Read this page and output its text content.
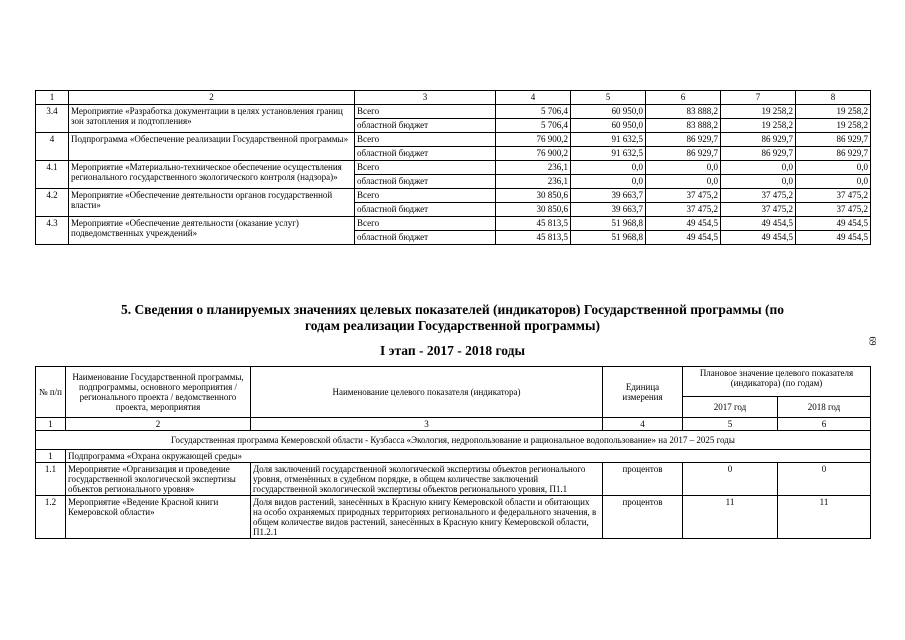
1	2	3	4	5	6	7	8
3.4	Мероприятие «Разработка документации в целях установления границ зон затопления и подтопления»	Всего	5 706,4	60 950,0	83 888,2	19 258,2	19 258,2
		областной бюджет	5 706,4	60 950,0	83 888,2	19 258,2	19 258,2
4	Подпрограмма «Обеспечение реализации Государственной программы»	Всего	76 900,2	91 632,5	86 929,7	86 929,7	86 929,7
		областной бюджет	76 900,2	91 632,5	86 929,7	86 929,7	86 929,7
4.1	Мероприятие «Материально-техническое обеспечение осуществления регионального государственного экологического контроля (надзора)»	Всего	236,1	0,0	0,0	0,0	0,0
		областной бюджет	236,1	0,0	0,0	0,0	0,0
4.2	Мероприятие «Обеспечение деятельности органов государственной власти»	Всего	30 850,6	39 663,7	37 475,2	37 475,2	37 475,2
		областной бюджет	30 850,6	39 663,7	37 475,2	37 475,2	37 475,2
4.3	Мероприятие «Обеспечение деятельности (оказание услуг) подведомственных учреждений»	Всего	45 813,5	51 968,8	49 454,5	49 454,5	49 454,5
		областной бюджет	45 813,5	51 968,8	49 454,5	49 454,5	49 454,5
5. Сведения о планируемых значениях целевых показателей (индикаторов) Государственной программы (по годам реализации Государственной программы)
I этап - 2017 - 2018 годы
69
№ п/п	Наименование Государственной программы, подпрограммы, основного мероприятия / регионального проекта / ведомственного проекта, мероприятия	Наименование целевого показателя (индикатора)	Единица измерения	Плановое значение целевого показателя (индикатора) (по годам)	
				2017 год	2018 год
1	2	3	4	5	6
Государственная программа Кемеровской области - Кузбасса «Экология, недропользование и рациональное водопользование» на 2017 – 2025 годы					
1	Подпрограмма «Охрана окружающей среды»				
1.1	Мероприятие «Организация и проведение государственной экологической экспертизы объектов регионального уровня»	Доля заключений государственной экологической экспертизы объектов регионального уровня, отменённых в судебном порядке, в общем количестве заключений государственной экологической экспертизы объектов регионального уровня, П1.1	процентов	0	0
1.2	Мероприятие «Ведение Красной книги Кемеровской области»	Доля видов растений, занесённых в Красную книгу Кемеровской области и обитающих на особо охраняемых природных территориях регионального и федерального значения, в общем количестве видов растений, занесённых в Красную книгу Кемеровской области, П1.2.1	процентов	11	11
